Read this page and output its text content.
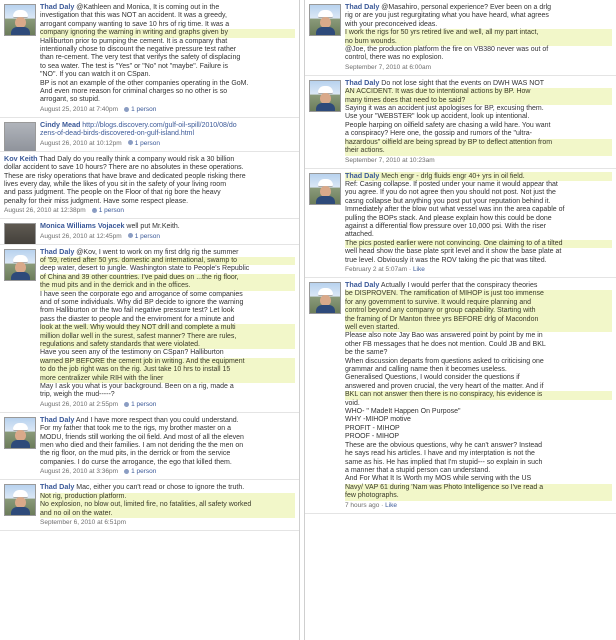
Thad Daly @Kathleen and Monica, It is coming out in the
investigation that this was NOT an accident. It was a greedy,
arrogant company wanting to save 10 hrs of rig time. It was a
company ignoring the warning in writing and graphs given by
Halliburton prior to pumping the cement. It is a company that
intentionally chose to discount the negative pressure test rather
than re-cement. The very test that verifys the safety of displacing
to sea water. The test is "Yes" or "No" not "maybe". Failure is
"NO". If you can watch it on CSpan.
BP is not an example of the other companies operating in the GoM.
And even more reason for criminal charges so no other is so
arrogant, so stupid.
August 25, 2010 at 7:40pm 1 person
Cindy Mead http://blogs.discovery.com/gulf-oil-spill/2010/08/do
zens-of-dead-birds-discovered-on-gulf-island.html
August 26, 2010 at 10:12pm 1 person
Kov Keith Thad Daly do you really think a company would risk a 30 billion
dollar accident to save 10 hours? There are no absolutes in these operations.
These are risky operations that have brave and dedicated people risking there
lives every day, while the likes of you sit in the safety of your living room
and pass judgment. The people on the Floor of that rig bore the heavy
penalty for their miss judgment. Have some respect please.
August 26, 2010 at 12:38pm 1 person
Monica Williams Vojacek well put Mr.Keith.
August 26, 2010 at 12:45pm 1 person
Thad Daly @Kov, I went to work on my first drlg rig the summer
of '59, retired after 50 yrs. domestic and international, swamp to
deep water, desert to jungle. Washington state to People's Republic
of China and 39 other countries. I've paid dues on ...the rig floor,
the mud pits and in the derrick and in the offices.
I have seen the corporate ego and arrogance of some companies
and of some individuals. Why did BP decide to ignore the warning
from Halliburton or the two fail negative pressure test? Let look
pass the diaster to people and the enviroment for a minute and
look at the well. Why would they NOT drill and complete a multi
million dollar well in the surest, safest manner? There are rules,
regulations and safety standards that were violated.
Have you seen any of the testimony on CSpan? Halliburton
warned BP BEFORE the cement job in writing. And the equipment
to do the job right was on the rig. Just take 10 hrs to install 15
more centralizer while RIH with the liner
May I ask you what is your background. Been on a rig, made a
trip, weigh the mud-----?
August 26, 2010 at 2:55pm 1 person
Thad Daly And I have more respect than you could understand.
For my father that took me to the rigs, my brother master on a
MODU, friends still working the oil field. And most of all the eleven
men who died and their families. I am not deriding the the men on
the rig floor, on the mud pits, in the derrick or from the service
companies. I do curse the arrogance, the ego that killed them.
August 26, 2010 at 3:36pm 1 person
Thad Daly Mac, either you can't read or chose to ignore the truth.
Not rig, production platform.
No explosion, no blow out, limited fire, no fatalities, all safety worked
and no oil on the water.
September 6, 2010 at 6:51pm
Thad Daly @Masahiro, personal experience? Ever been on a drlg
rig or are you just regurgitating what you have heard, what agrees
with your preconceived ideas.
I work the rigs for 50 yrs retired live and well, all my part intact,
no burn wounds.
@Joe, the production platform the fire on VB380 never was out of
control, there was no explosion.
September 7, 2010 at 6:00am
Thad Daly Do not lose sight that the events on DWH WAS NOT
AN ACCIDENT. It was due to intentional actions by BP. How
many times does that need to be said?
Saying it was an accident just apologises for BP, excusing them.
Use your "WEBSTER" look up accident, look up intentional.
People harping on oilfield safety are chasing a wild hare. You want
a conspiracy? Here one, the gossip and rumors of the "ultra-
hazardous" oilfield are being spread by BP to deflect attention from
their actions.
September 7, 2010 at 10:23am
Thad Daly Mech engr - drlg fluids engr 40+ yrs in oil field.
Ref: Casing collapse. If posted under your name it would appear that
you agree. If you do not agree then you should not post. Not just the
casng collapse but anything you post put your reputation behind it.
Immediately after the blow out what vessel was inn the area capable of
pulling the BOPs stack. And please explain how this could be done
against a differential flow pressure over 10,000 psi. With the riser
attached.
The pics posted earlier were not convincing. One claiming to of a tilted
well head show the base plate sprit level and it show the base plate at
true level. Obviously it was the ROV taking the pic that was tilted.
February 2 at 5:07am · Like
Thad Daly Actually I would perfer that the conspiracy theories
be DISPROVEN. The ramification of MIHOP is just too immense
for any government to survive. It would require planning and
control beyond any company or group capability. Starting with
the framing of Dr Manton three yrs BEFORE drlg of Macondon
well even started.
Please also note Jay Bao was answered point by point by me in
other FB messages that he does not mention. Could JB and BKL
be the same?
When discussion departs from questions asked to criticising one
grammar and calling name then it becomes useless.
Generalised Questions, I would consider the questions if
answered and proven crucial, the very heart of the matter. And if
BKL can not answer then there is no conspiracy, his evidence is
void.
WHO- " MadeIt Happen On Purpose"
WHY -MIHOP motive
PROFIT - MIHOP
PROOF - MIHOP
These are the obvious questions, why he can't answer? Instead
he says read his articles. I have and my interptation is not the
same as his. He has implied that I'm stupid--- so explain in such
a manner that a stupid person can understand.
And For What It Is Worth my MOS while serving with the US
Navy/ VAP 61 during 'Nam was Photo Intelligence so I've read a
few photographs.
7 hours ago · Like
